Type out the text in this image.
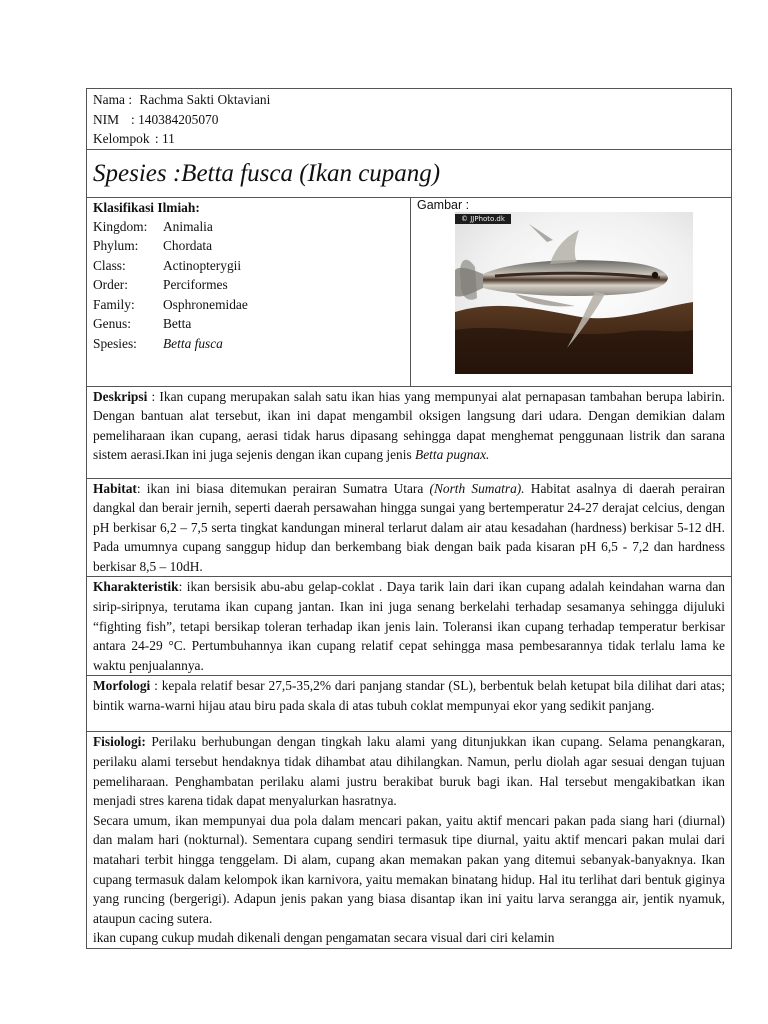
Nama : Rachma Sakti Oktaviani
NIM : 140384205070
Kelompok : 11

Spesies :Betta fusca (Ikan cupang)
Klasifikasi Ilmiah:
Kingdom:	Animalia
Phylum:	Chordata
Class:	Actinopterygii
Order:	Perciformes
Family:	Osphronemidae
Genus:	Betta
Spesies:	Betta fusca

Gambar :
© JJPhoto.dk
Deskripsi : Ikan cupang merupakan salah satu ikan hias yang mempunyai alat pernapasan tambahan berupa labirin. Dengan bantuan alat tersebut, ikan ini dapat mengambil oksigen langsung dari udara. Dengan demikian dalam pemeliharaan ikan cupang, aerasi tidak harus dipasang sehingga dapat menghemat penggunaan listrik dan sarana sistem aerasi.Ikan ini juga sejenis dengan ikan cupang jenis Betta pugnax.
Habitat: ikan ini biasa ditemukan perairan Sumatra Utara (North Sumatra). Habitat asalnya di daerah perairan dangkal dan berair jernih, seperti daerah persawahan hingga sungai yang bertemperatur 24-27 derajat celcius, dengan pH berkisar 6,2 – 7,5 serta tingkat kandungan mineral terlarut dalam air atau kesadahan (hardness) berkisar 5-12 dH. Pada umumnya cupang sanggup hidup dan berkembang biak dengan baik pada kisaran pH 6,5 - 7,2 dan hardness berkisar 8,5 – 10dH.
Kharakteristik: ikan bersisik abu-abu gelap-coklat . Daya tarik lain dari ikan cupang adalah keindahan warna dan sirip-siripnya, terutama ikan cupang jantan. Ikan ini juga senang berkelahi terhadap sesamanya sehingga dijuluki “fighting fish”, tetapi bersikap toleran terhadap ikan jenis lain. Toleransi ikan cupang terhadap temperatur berkisar antara 24-29 °C. Pertumbuhannya ikan cupang relatif cepat sehingga masa pembesarannya tidak terlalu lama ke waktu penjualannya.
Morfologi : kepala relatif besar 27,5-35,2% dari panjang standar (SL), berbentuk belah ketupat bila dilihat dari atas; bintik warna-warni hijau atau biru pada skala di atas tubuh coklat mempunyai ekor yang sedikit panjang.

Fisiologi: Perilaku berhubungan dengan tingkah laku alami yang ditunjukkan ikan cupang. Selama penangkaran, perilaku alami tersebut hendaknya tidak dihambat atau dihilangkan. Namun, perlu diolah agar sesuai dengan tujuan pemeliharaan. Penghambatan perilaku alami justru berakibat buruk bagi ikan. Hal tersebut mengakibatkan ikan menjadi stres karena tidak dapat menyalurkan hasratnya.
Secara umum, ikan mempunyai dua pola dalam mencari pakan, yaitu aktif mencari pakan pada siang hari (diurnal) dan malam hari (nokturnal). Sementara cupang sendiri termasuk tipe diurnal, yaitu aktif mencari pakan mulai dari matahari terbit hingga tenggelam. Di alam, cupang akan memakan pakan yang ditemui sebanyak-banyaknya. Ikan cupang termasuk dalam kelompok ikan karnivora, yaitu memakan binatang hidup. Hal itu terlihat dari bentuk giginya yang runcing (bergerigi). Adapun jenis pakan yang biasa disantap ikan ini yaitu larva serangga air, jentik nyamuk, ataupun cacing sutera.
ikan cupang cukup mudah dikenali dengan pengamatan secara visual dari ciri kelamin
